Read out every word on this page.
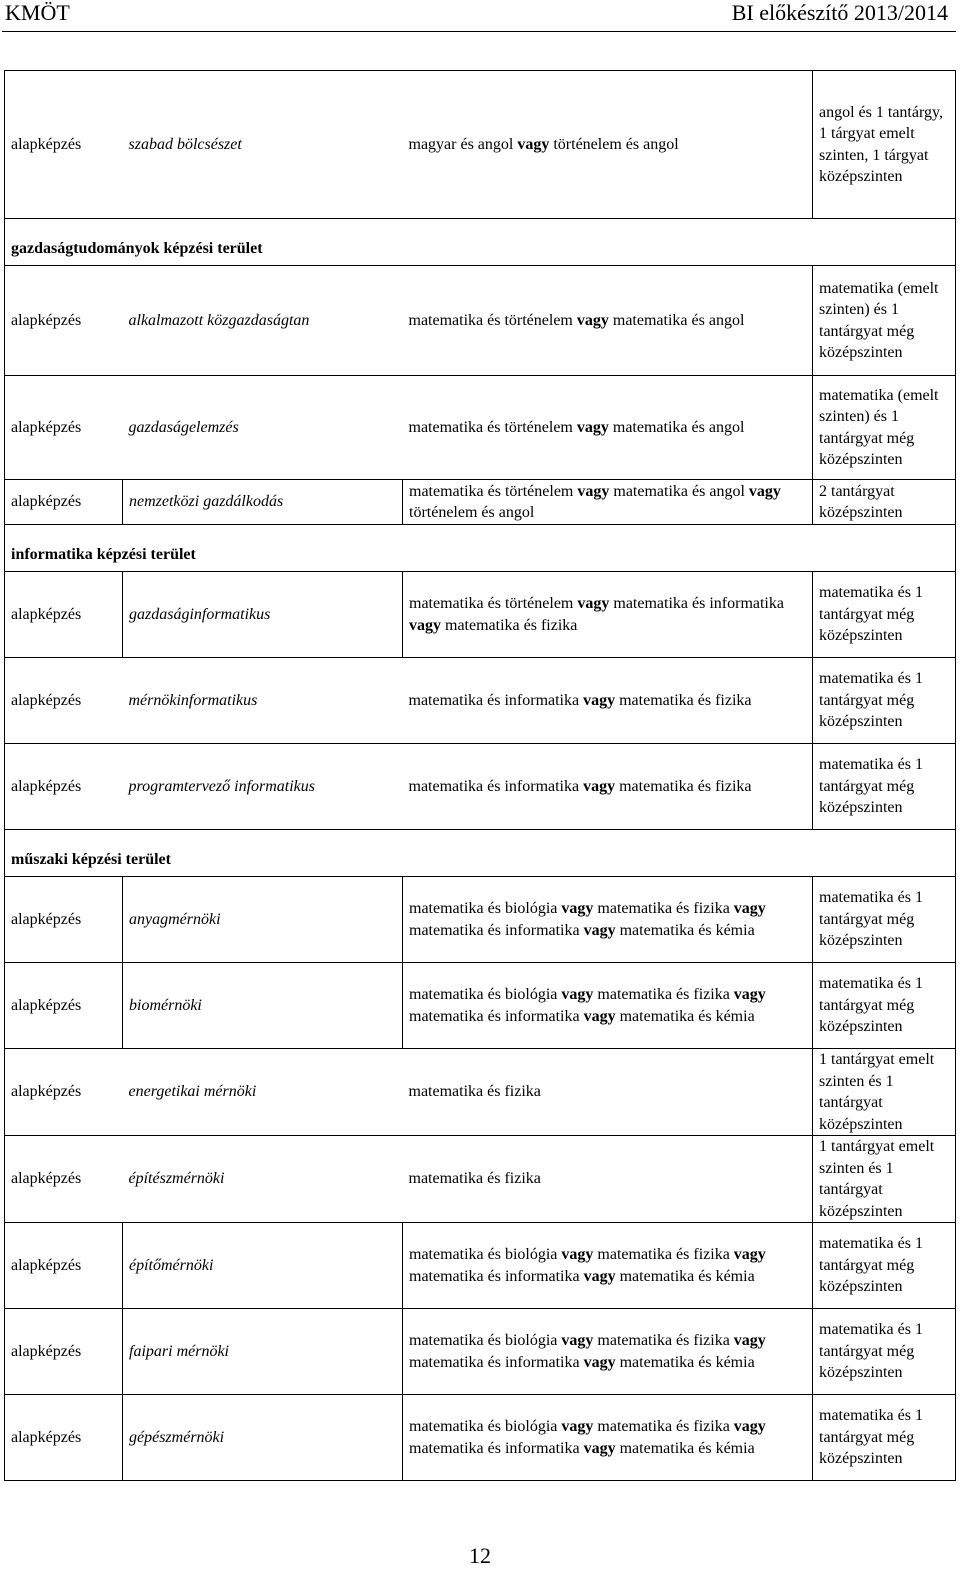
KMÖT	BI előkészítő 2013/2014
alapképzés	szabad bölcsészet	magyar és angol vagy történelem és angol	angol és 1 tantárgy, 1 tárgyat emelt szinten, 1 tárgyat középszinten
gazdaságtudományok képzési terület			
alapképzés	alkalmazott közgazdaságtan	matematika és történelem vagy matematika és angol	matematika (emelt szinten) és 1 tantárgyat még középszinten
alapképzés	gazdaságelemzés	matematika és történelem vagy matematika és angol	matematika (emelt szinten) és 1 tantárgyat még középszinten
alapképzés	nemzetközi gazdálkodás	matematika és történelem vagy matematika és angol vagy történelem és angol	2 tantárgyat középszinten
informatika képzési terület			
alapképzés	gazdaságinformatikus	matematika és történelem vagy matematika és informatika vagy matematika és fizika	matematika és 1 tantárgyat még középszinten
alapképzés	mérnökinformatikus	matematika és informatika vagy matematika és fizika	matematika és 1 tantárgyat még középszinten
alapképzés	programtervező informatikus	matematika és informatika vagy matematika és fizika	matematika és 1 tantárgyat még középszinten
műszaki képzési terület			
alapképzés	anyagmérnöki	matematika és biológia vagy matematika és fizika vagy matematika és informatika vagy matematika és kémia	matematika és 1 tantárgyat még középszinten
alapképzés	biomérnöki	matematika és biológia vagy matematika és fizika vagy matematika és informatika vagy matematika és kémia	matematika és 1 tantárgyat még középszinten
alapképzés	energetikai mérnöki	matematika és fizika	1 tantárgyat emelt szinten és 1 tantárgyat középszinten
alapképzés	építészmérnöki	matematika és fizika	1 tantárgyat emelt szinten és 1 tantárgyat középszinten
alapképzés	építőmérnöki	matematika és biológia vagy matematika és fizika vagy matematika és informatika vagy matematika és kémia	matematika és 1 tantárgyat még középszinten
alapképzés	faipari mérnöki	matematika és biológia vagy matematika és fizika vagy matematika és informatika vagy matematika és kémia	matematika és 1 tantárgyat még középszinten
alapképzés	gépészmérnöki	matematika és biológia vagy matematika és fizika vagy matematika és informatika vagy matematika és kémia	matematika és 1 tantárgyat még középszinten
12
